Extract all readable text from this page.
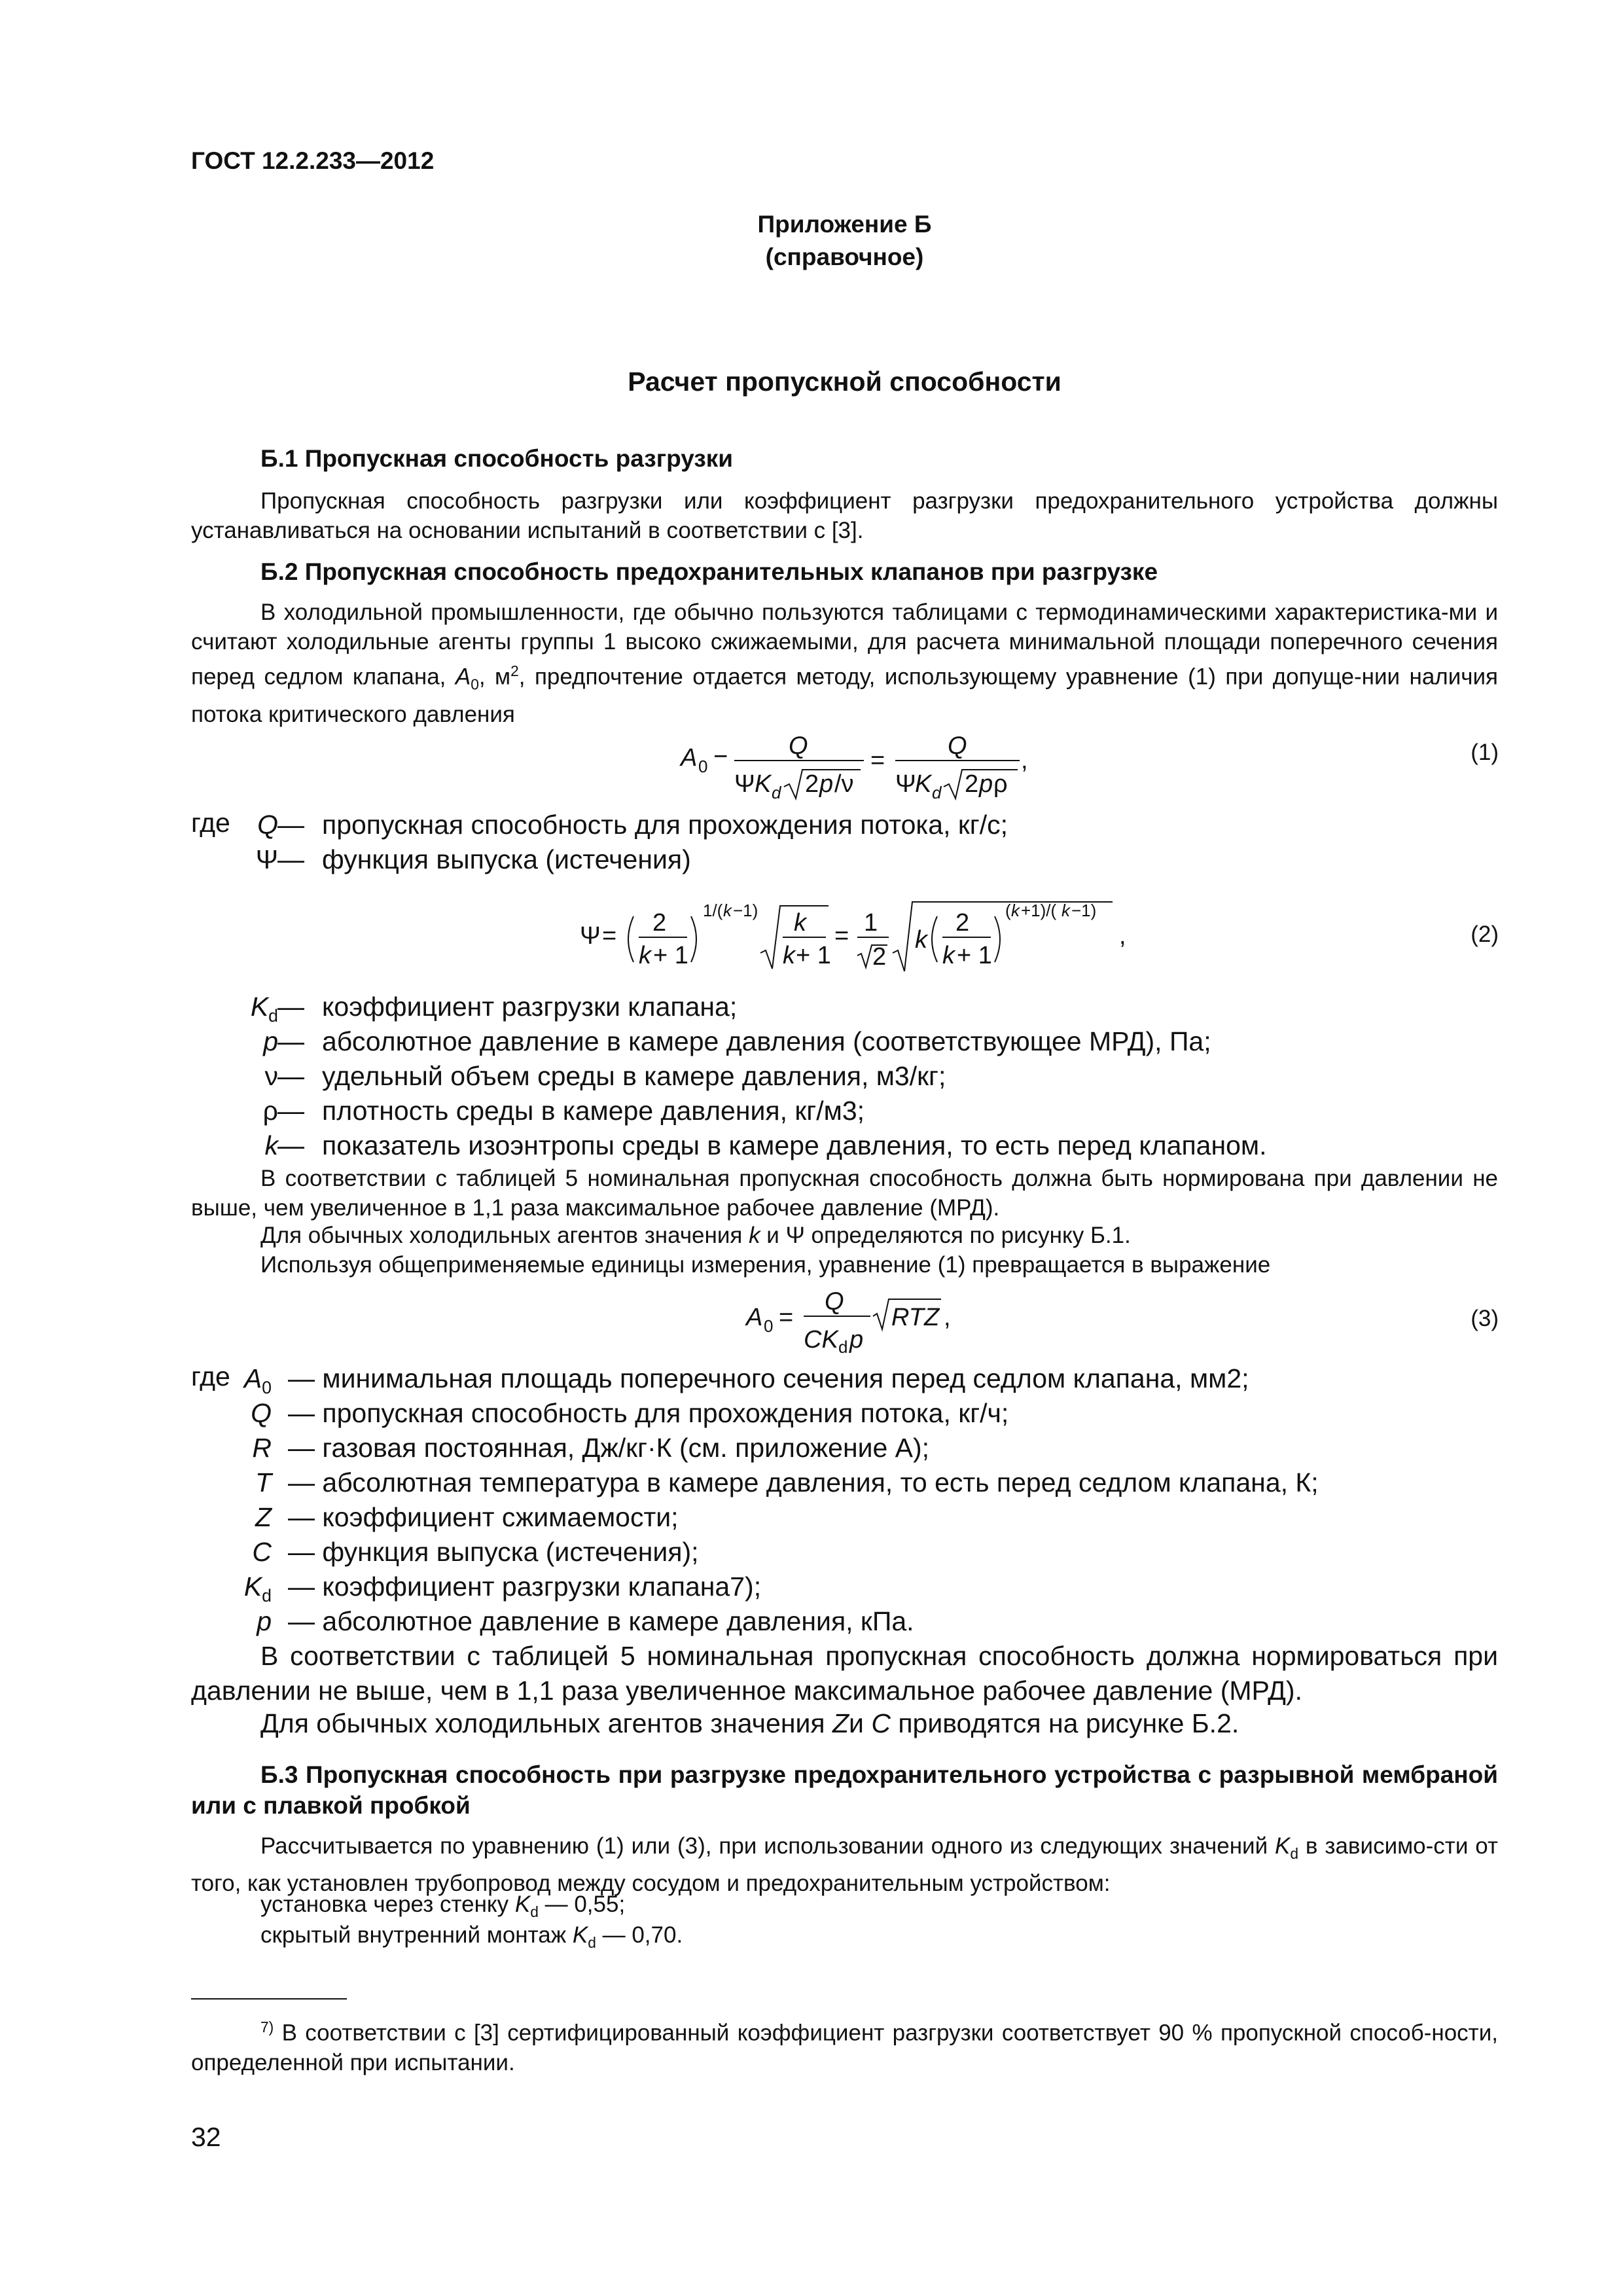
ГОСТ 12.2.233—2012
Приложение Б
(справочное)
Расчет пропускной способности
Б.1 Пропускная способность разгрузки
Пропускная способность разгрузки или коэффициент разгрузки предохранительного устройства должны устанавливаться на основании испытаний в соответствии с [3].
Б.2 Пропускная способность предохранительных клапанов при разгрузке
В холодильной промышленности, где обычно пользуются таблицами с термодинамическими характеристика-ми и считают холодильные агенты группы 1 высоко сжижаемыми, для расчета минимальной площади поперечного сечения перед седлом клапана, $A_0$, $м^2$, предпочтение отдается методу, использующему уравнение (1) при допуще-нии наличия потока критического давления
A 0 − Q
Ψ K d 2 p /ν
=
Q
Ψ
K d 2 p ρ
,	(1)
где Q — пропускная способность для прохождения потока, кг/с;
Ψ — функция выпуска (истечения)
Ψ = 2
k + 1
1/( k −1) k
k + 1
= 1
2
k
2
k + 1
( k +1)/( k −1)
,	(2)
$K_d$ — коэффициент разгрузки клапана;
p — абсолютное давление в камере давления (соответствующее МРД), Па;
ν — удельный объем среды в камере давления, м3/кг;
ρ — плотность среды в камере давления, кг/м3;
k — показатель изоэнтропы среды в камере давления, то есть перед клапаном.
В соответствии с таблицей 5 номинальная пропускная способность должна быть нормирована при давлении не выше, чем увеличенное в 1,1 раза максимальное рабочее давление (МРД).
Для обычных холодильных агентов значения k и Ψ определяются по рисунку Б.1.
Используя общеприменяемые единицы измерения, уравнение (1) превращается в выражение
A 0 =
Q
CK d p
RTZ ,	(3)
где $A_0$ — минимальная площадь поперечного сечения перед седлом клапана, мм2;
Q — пропускная способность для прохождения потока, кг/ч;
R — газовая постоянная, Дж/кг·К (см. приложение А);
T — абсолютная температура в камере давления, то есть перед седлом клапана, К;
Z — коэффициент сжимаемости;
C — функция выпуска (истечения);
$K_d$ — коэффициент разгрузки клапана7);
p — абсолютное давление в камере давления, кПа.
В соответствии с таблицей 5 номинальная пропускная способность должна нормироваться при давлении не выше, чем в 1,1 раза увеличенное максимальное рабочее давление (МРД).
Для обычных холодильных агентов значения Zи C приводятся на рисунке Б.2.
Б.3 Пропускная способность при разгрузке предохранительного устройства с разрывной мембраной или с плавкой пробкой
Рассчитывается по уравнению (1) или (3), при использовании одного из следующих значений $K_d$ в зависимо-сти от того, как установлен трубопровод между сосудом и предохранительным устройством:
установка через стенку $K_d$ — 0,55;
скрытый внутренний монтаж $K_d$ — 0,70.
$^{7)}$ В соответствии с [3] сертифицированный коэффициент разгрузки соответствует 90 % пропускной способ-ности, определенной при испытании.
32
